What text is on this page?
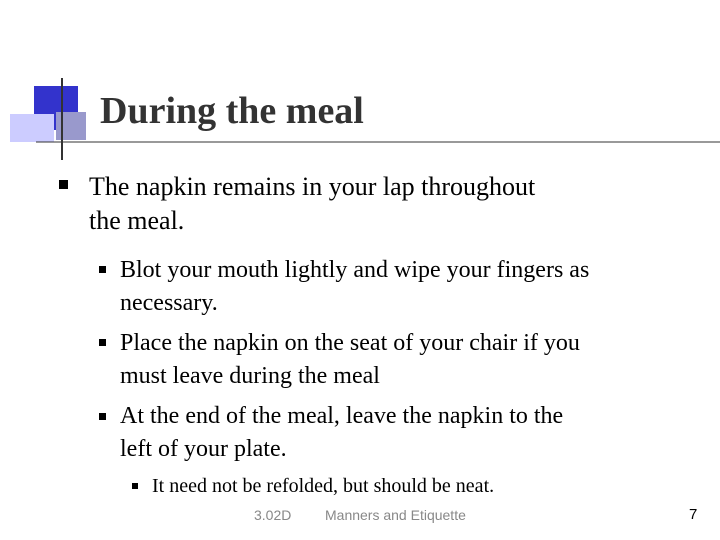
During the meal
The napkin remains in your lap throughout
the meal.
Blot your mouth lightly and wipe your fingers as
necessary.
Place the napkin on the seat of your chair if you
must leave during the meal
At the end of the meal, leave the napkin to the
left of your plate.
It need not be refolded, but should be neat.
3.02D Manners and Etiquette	7
